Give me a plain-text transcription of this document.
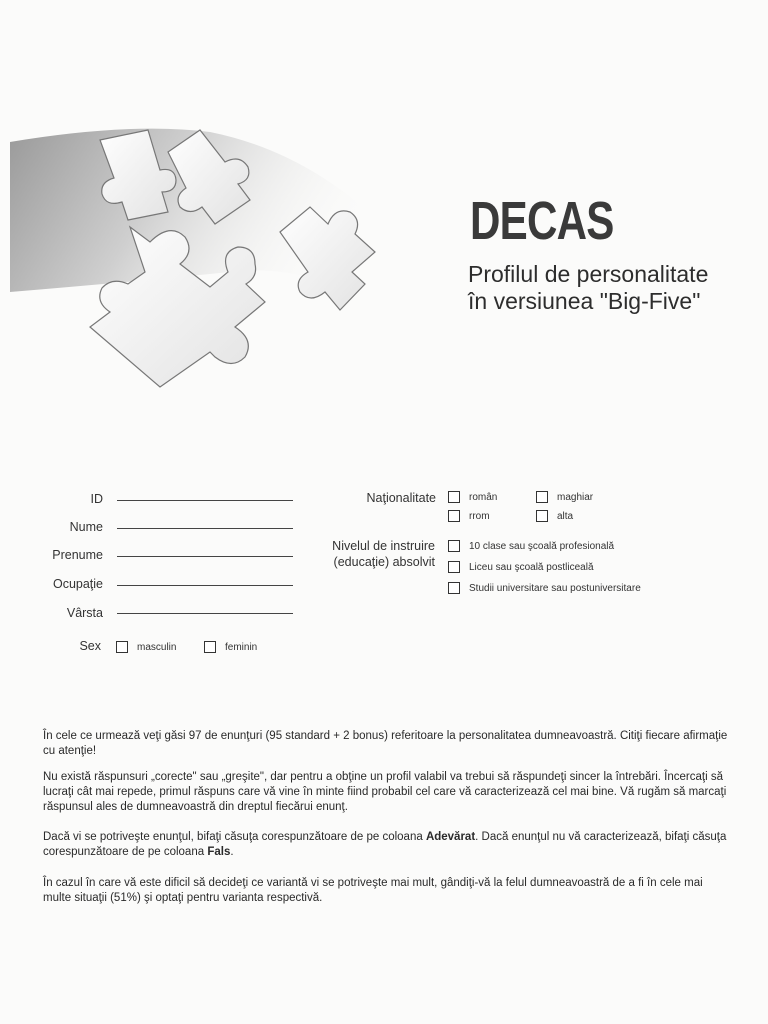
DECAS
Profilul de personalitate
în versiunea "Big-Five"
ID
Nume
Prenume
Ocupaţie
Vârsta
Sex	masculin	feminin
Naţionalitate	român	maghiar
rrom	alta
Nivelul de instruire
(educaţie) absolvit
10 clase sau şcoală profesională
Liceu sau şcoală postliceală
Studii universitare sau postuniversitare

În cele ce urmează veţi găsi 97 de enunţuri (95 standard + 2 bonus) referitoare la personalitatea dumneavoastră. Citiţi fiecare afirmaţie cu atenţie!

Nu există răspunsuri „corecte" sau „greşite", dar pentru a obţine un profil valabil va trebui să răspundeţi sincer la întrebări. Încercaţi să lucraţi cât mai repede, primul răspuns care vă vine în minte fiind probabil cel care vă caracterizează cel mai bine. Vă rugăm să marcaţi răspunsul ales de dumneavoastră din dreptul fiecărui enunţ.

Dacă vi se potriveşte enunţul, bifaţi căsuţa corespunzătoare de pe coloana Adevărat. Dacă enunţul nu vă caracterizează, bifaţi căsuţa corespunzătoare de pe coloana Fals.

În cazul în care vă este dificil să decideţi ce variantă vi se potriveşte mai mult, gândiţi-vă la felul dumneavoastră de a fi în cele mai multe situaţii (51%) şi optaţi pentru varianta respectivă.
